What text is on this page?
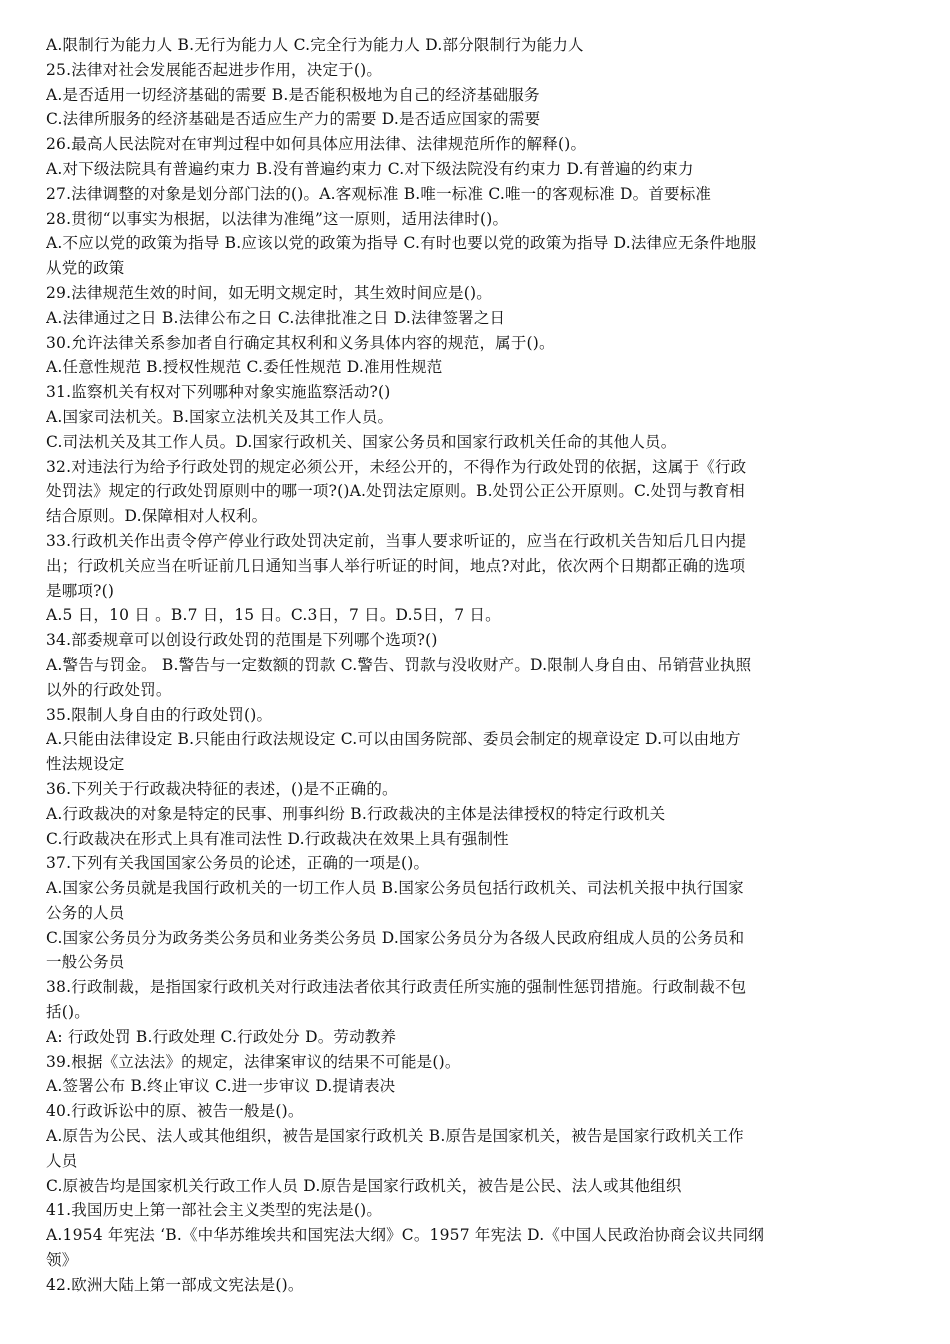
A.限制行为能力人 B.无行为能力人 C.完全行为能力人 D.部分限制行为能力人
25.法律对社会发展能否起进步作用，决定于()。
A.是否适用一切经济基础的需要 B.是否能积极地为自己的经济基础服务
C.法律所服务的经济基础是否适应生产力的需要 D.是否适应国家的需要
26.最高人民法院对在审判过程中如何具体应用法律、法律规范所作的解释()。
A.对下级法院具有普遍约束力 B.没有普遍约束力 C.对下级法院没有约束力 D.有普遍的约束力
27.法律调整的对象是划分部门法的()。A.客观标准 B.唯一标准 C.唯一的客观标准 D。首要标准
28.贯彻“以事实为根据，以法律为准绳”这一原则，适用法律时()。
A.不应以党的政策为指导 B.应该以党的政策为指导 C.有时也要以党的政策为指导 D.法律应无条件地服
从党的政策
29.法律规范生效的时间，如无明文规定时，其生效时间应是()。
A.法律通过之日 B.法律公布之日 C.法律批准之日 D.法律签署之日
30.允许法律关系参加者自行确定其权利和义务具体内容的规范，属于()。
A.任意性规范 B.授权性规范 C.委任性规范 D.准用性规范
31.监察机关有权对下列哪种对象实施监察活动?()
A.国家司法机关。B.国家立法机关及其工作人员。
C.司法机关及其工作人员。D.国家行政机关、国家公务员和国家行政机关任命的其他人员。
32.对违法行为给予行政处罚的规定必须公开，未经公开的，不得作为行政处罚的依据，这属于《行政
处罚法》规定的行政处罚原则中的哪一项?()A.处罚法定原则。B.处罚公正公开原则。C.处罚与教育相
结合原则。D.保障相对人权利。
33.行政机关作出责令停产停业行政处罚决定前，当事人要求听证的，应当在行政机关告知后几日内提
出；行政机关应当在听证前几日通知当事人举行听证的时间，地点?对此，依次两个日期都正确的选项
是哪项?()
A.5 日，10 日 。B.7 日，15 日。C.3日，7 日。D.5日，7 日。
34.部委规章可以创设行政处罚的范围是下列哪个选项?()
A.警告与罚金。 B.警告与一定数额的罚款 C.警告、罚款与没收财产。D.限制人身自由、吊销营业执照
以外的行政处罚。
35.限制人身自由的行政处罚()。
A.只能由法律设定 B.只能由行政法规设定 C.可以由国务院部、委员会制定的规章设定 D.可以由地方
性法规设定
36.下列关于行政裁决特征的表述，()是不正确的。
A.行政裁决的对象是特定的民事、刑事纠纷 B.行政裁决的主体是法律授权的特定行政机关
C.行政裁决在形式上具有准司法性 D.行政裁决在效果上具有强制性
37.下列有关我国国家公务员的论述，正确的一项是()。
A.国家公务员就是我国行政机关的一切工作人员 B.国家公务员包括行政机关、司法机关报中执行国家
公务的人员
C.国家公务员分为政务类公务员和业务类公务员 D.国家公务员分为各级人民政府组成人员的公务员和
一般公务员
38.行政制裁，是指国家行政机关对行政违法者依其行政责任所实施的强制性惩罚措施。行政制裁不包
括()。
A: 行政处罚 B.行政处理 C.行政处分 D。劳动教养
39.根据《立法法》的规定，法律案审议的结果不可能是()。
A.签署公布 B.终止审议 C.进一步审议 D.提请表决
40.行政诉讼中的原、被告一般是()。
A.原告为公民、法人或其他组织，被告是国家行政机关 B.原告是国家机关，被告是国家行政机关工作
人员
C.原被告均是国家机关行政工作人员 D.原告是国家行政机关，被告是公民、法人或其他组织
41.我国历史上第一部社会主义类型的宪法是()。
A.1954 年宪法 ‘B.《中华苏维埃共和国宪法大纲》C。1957 年宪法 D.《中国人民政治协商会议共同纲
领》
42.欧洲大陆上第一部成文宪法是()。
